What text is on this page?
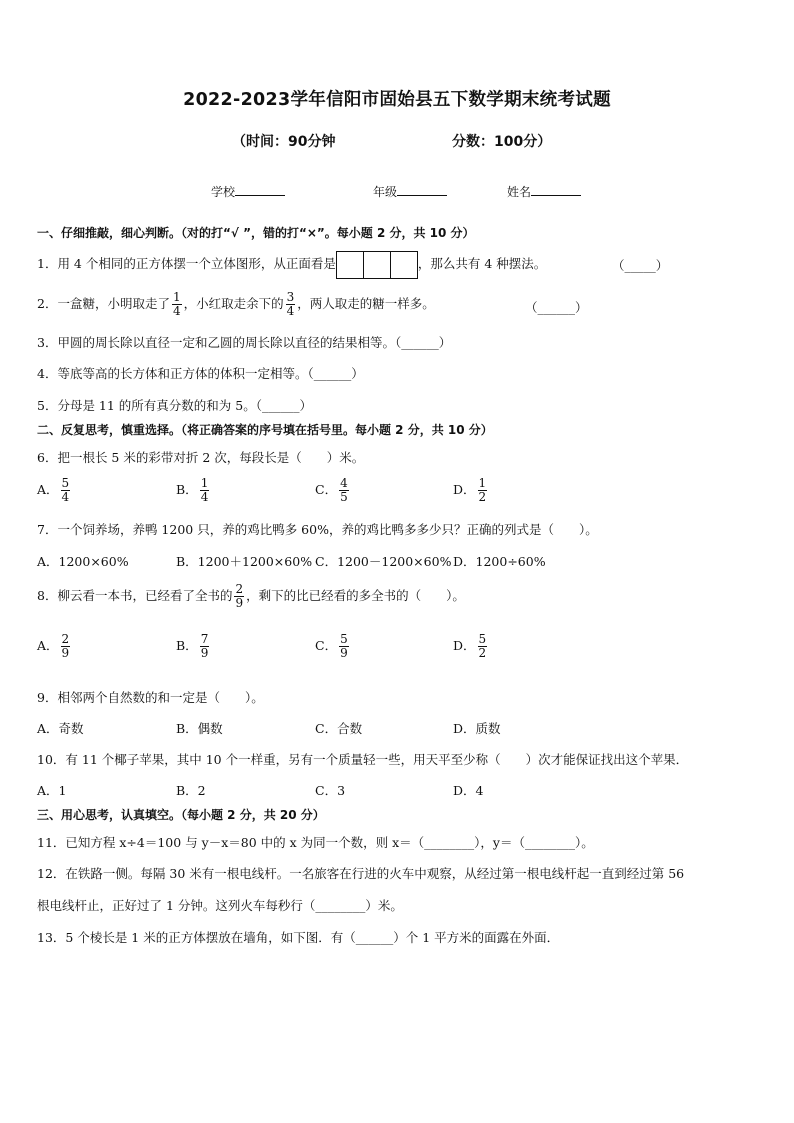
2022-2023学年信阳市固始县五下数学期末统考试题
（时间：90分钟	分数：100分）
学校	年级	姓名
一、仔细推敲，细心判断。（对的打“√ ”，错的打“×”。每小题 2 分，共 10 分）
1．用 4 个相同的正方体摆一个立体图形，从正面看是	，那么共有 4 种摆法。	（_____）
2．一盒糖，小明取走了 $\frac{1}{4}$ ，小红取走余下的 $\frac{3}{4}$ ，两人取走的糖一样多。	（______）
3．甲圆的周长除以直径一定和乙圆的周长除以直径的结果相等。（______）
4．等底等高的长方体和正方体的体积一定相等。（______）
5．分母是 11 的所有真分数的和为 5。（______）
二、反复思考，慎重选择。（将正确答案的序号填在括号里。每小题 2 分，共 10 分）
6．把一根长 5 米的彩带对折 2 次，每段长是（　　）米。
A． $\frac{5}{4}$	B． $\frac{1}{4}$	C． $\frac{4}{5}$	D． $\frac{1}{2}$
7．一个饲养场，养鸭 1200 只，养的鸡比鸭多 60%，养的鸡比鸭多多少只？正确的列式是（　　）。
A．1200×60%	B．1200＋1200×60% C．1200－1200×60% D．1200÷60%
8．柳云看一本书，已经看了全书的 $\frac{2}{9}$ ，剩下的比已经看的多全书的（　　）。
A． $\frac{2}{9}$	B． $\frac{7}{9}$	C． $\frac{5}{9}$	D． $\frac{5}{2}$
9．相邻两个自然数的和一定是（　　）。
A．奇数	B．偶数	C．合数	D．质数
10．有 11 个椰子苹果，其中 10 个一样重，另有一个质量轻一些，用天平至少称（　　）次才能保证找出这个苹果．
A．1	B．2	C．3	D．4
三、用心思考，认真填空。（每小题 2 分，共 20 分）
11．已知方程 x÷4＝100 与 y－x＝80 中的 x 为同一个数，则 x＝（________），y＝（________）。
12．在铁路一侧。每隔 30 米有一根电线杆。一名旅客在行进的火车中观察，从经过第一根电线杆起一直到经过第 56
根电线杆止，正好过了 1 分钟。这列火车每秒行（________）米。
13．5 个棱长是 1 米的正方体摆放在墙角，如下图．有（______）个 1 平方米的面露在外面．
